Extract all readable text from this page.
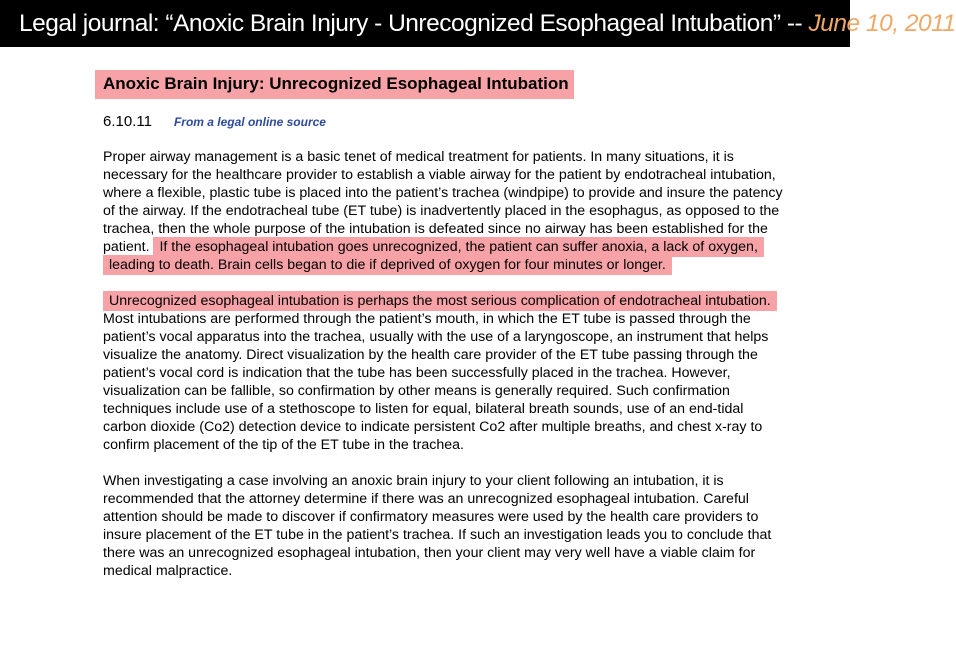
Legal journal: “Anoxic Brain Injury - Unrecognized Esophageal Intubation” -- June 10, 2011
Anoxic Brain Injury: Unrecognized Esophageal Intubation
6.10.11 From a legal online source

Proper airway management is a basic tenet of medical treatment for patients. In many situations, it is necessary for the healthcare provider to establish a viable airway for the patient by endotracheal intubation, where a flexible, plastic tube is placed into the patient’s trachea (windpipe) to provide and insure the patency of the airway. If the endotracheal tube (ET tube) is inadvertently placed in the esophagus, as opposed to the trachea, then the whole purpose of the intubation is defeated since no airway has been established for the patient. If the esophageal intubation goes unrecognized, the patient can suffer anoxia, a lack of oxygen, leading to death. Brain cells began to die if deprived of oxygen for four minutes or longer.

Unrecognized esophageal intubation is perhaps the most serious complication of endotracheal intubation. Most intubations are performed through the patient’s mouth, in which the ET tube is passed through the patient’s vocal apparatus into the trachea, usually with the use of a laryngoscope, an instrument that helps visualize the anatomy. Direct visualization by the health care provider of the ET tube passing through the patient’s vocal cord is indication that the tube has been successfully placed in the trachea. However, visualization can be fallible, so confirmation by other means is generally required. Such confirmation techniques include use of a stethoscope to listen for equal, bilateral breath sounds, use of an end-tidal carbon dioxide (Co2) detection device to indicate persistent Co2 after multiple breaths, and chest x-ray to confirm placement of the tip of the ET tube in the trachea.

When investigating a case involving an anoxic brain injury to your client following an intubation, it is recommended that the attorney determine if there was an unrecognized esophageal intubation. Careful attention should be made to discover if confirmatory measures were used by the health care providers to insure placement of the ET tube in the patient’s trachea. If such an investigation leads you to conclude that there was an unrecognized esophageal intubation, then your client may very well have a viable claim for medical malpractice.
